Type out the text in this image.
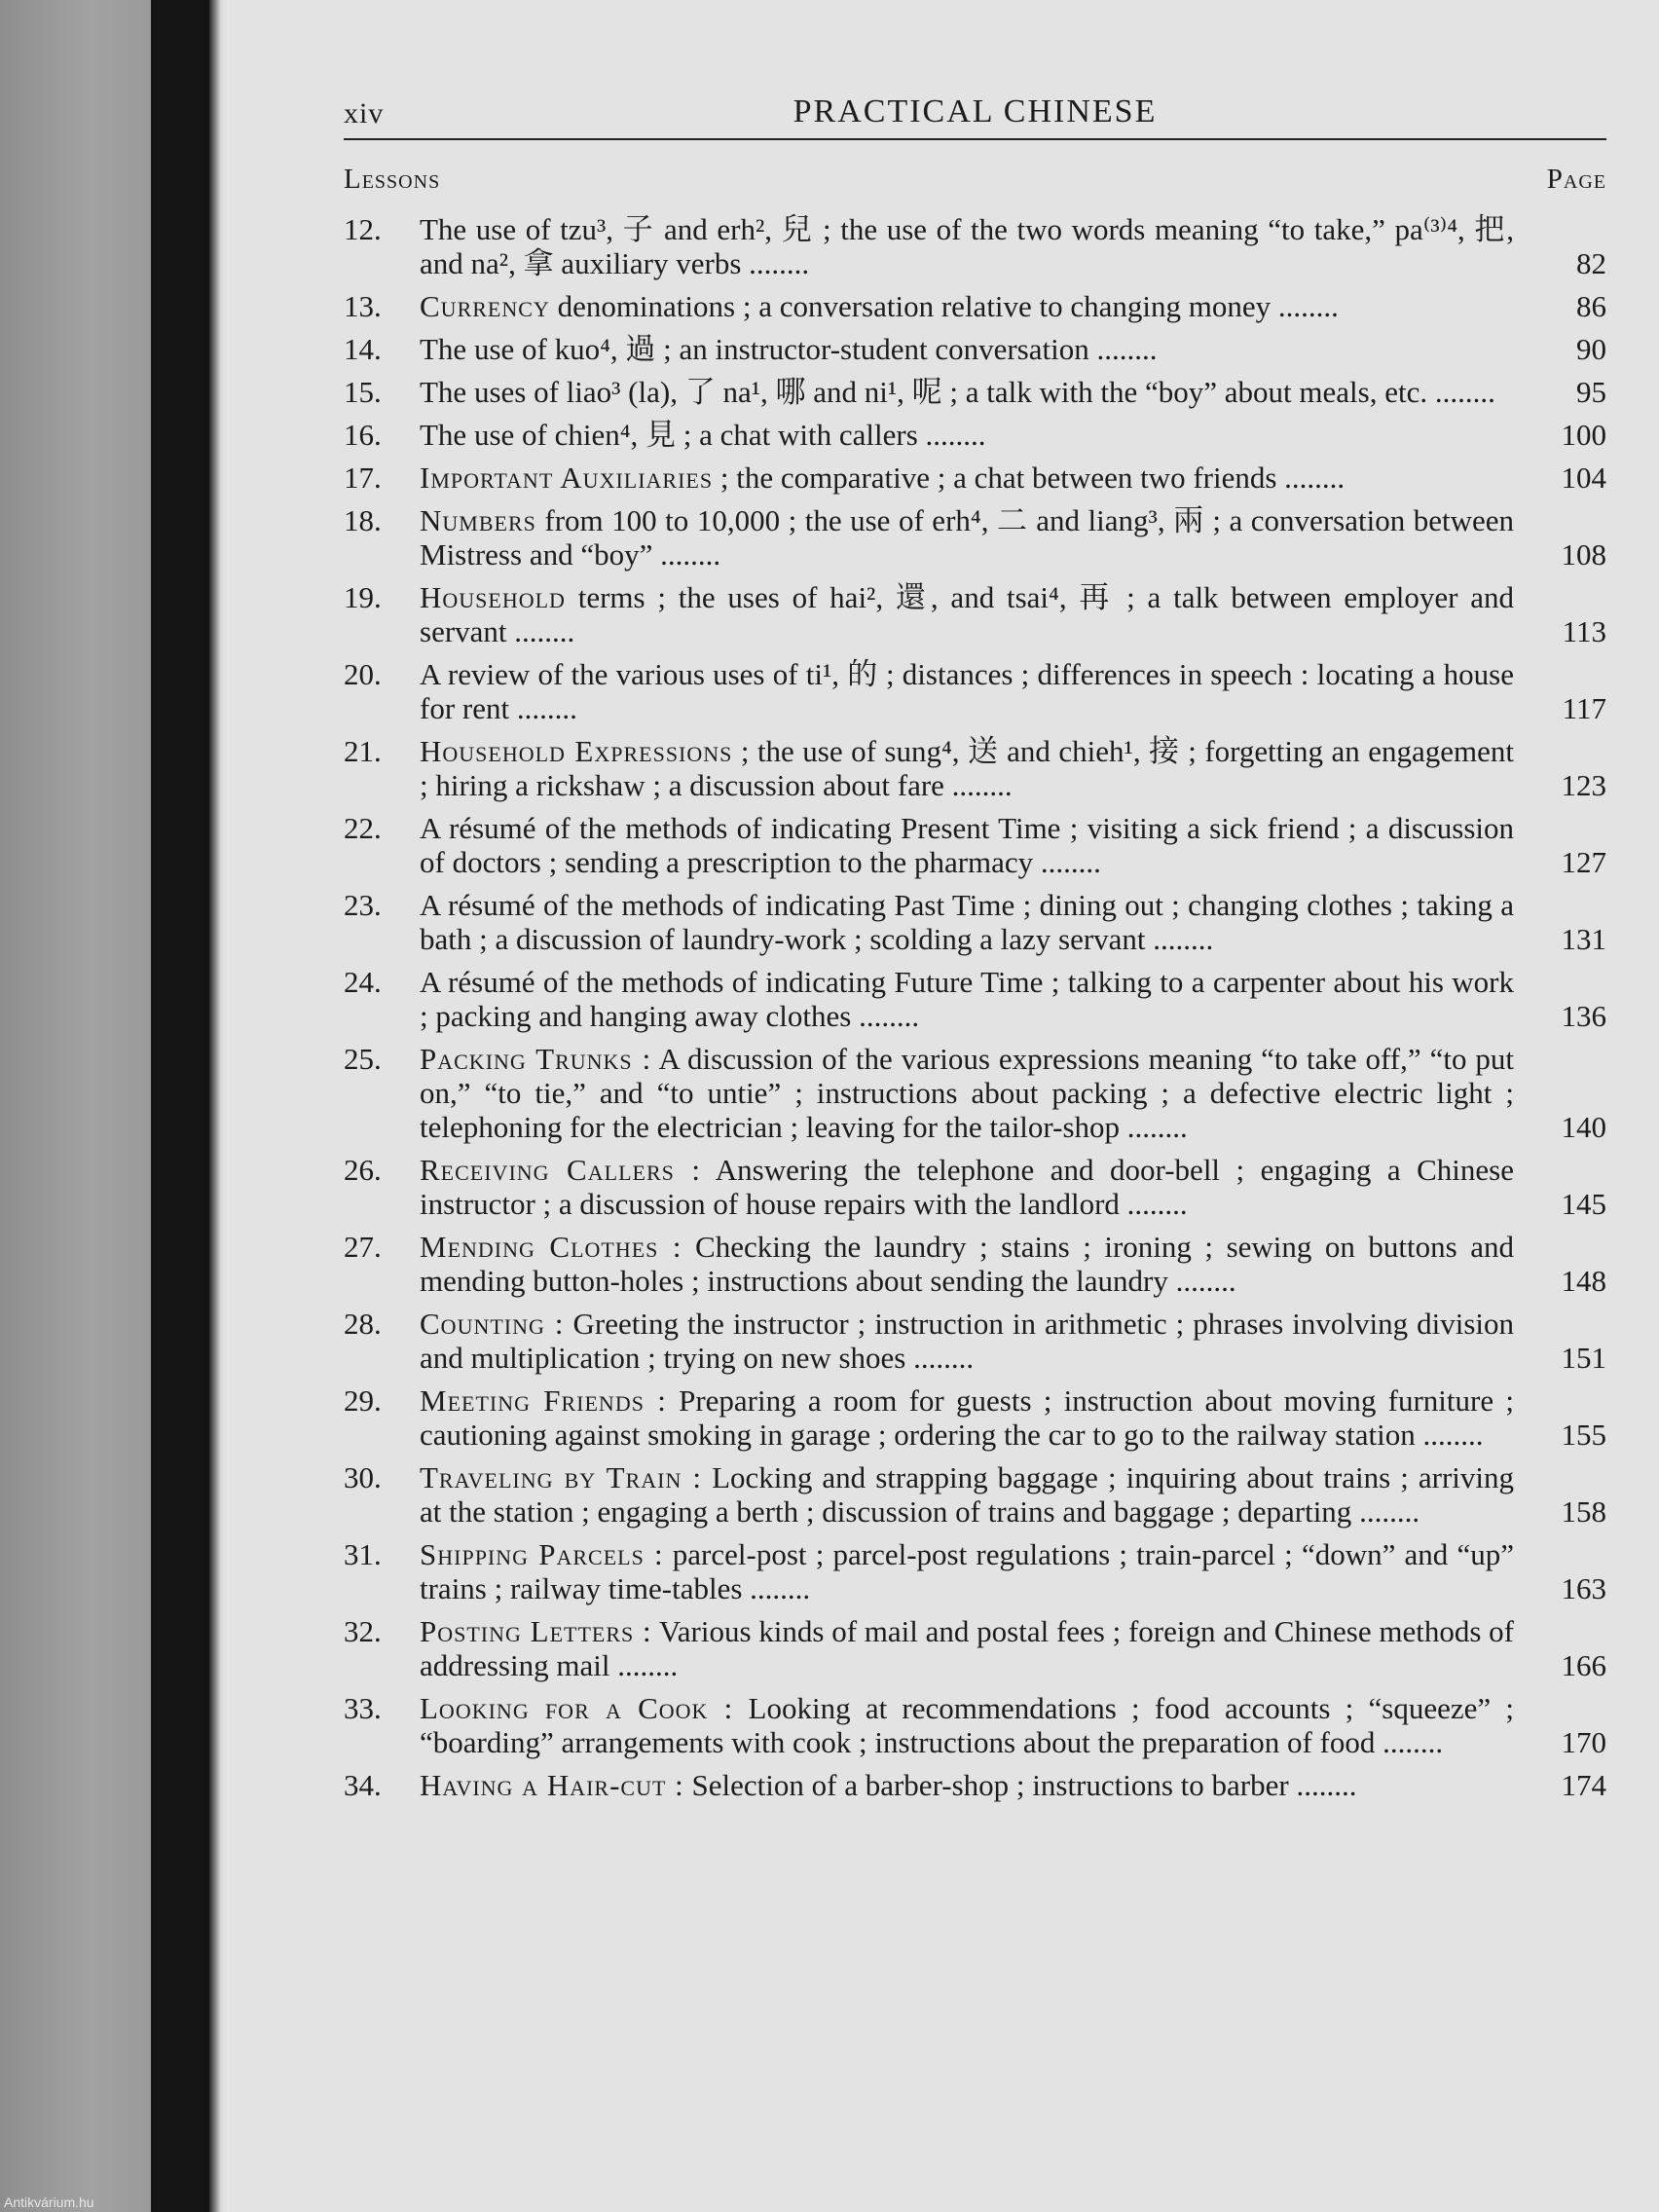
xiv	PRACTICAL CHINESE
Lessons	Page
12.	The use of tzu³, 子 and erh², 兒 ; the use of the two words meaning “to take,” pa⁽³⁾⁴, 把, and na², 拿 auxiliary verbs ........	82
13.	Currency denominations ; a conversation relative to changing money ........	86
14.	The use of kuo⁴, 過 ; an instructor-student conversation ........	90
15.	The uses of liao³ (la), 了 na¹, 哪 and ni¹, 呢 ; a talk with the “boy” about meals, etc. ........	95
16.	The use of chien⁴, 見 ; a chat with callers ........	100
17.	Important Auxiliaries ; the comparative ; a chat between two friends ........	104
18.	Numbers from 100 to 10,000 ; the use of erh⁴, 二 and liang³, 兩 ; a conversation between Mistress and “boy” ........	108
19.	Household terms ; the uses of hai², 還, and tsai⁴, 再 ; a talk between employer and servant ........	113
20.	A review of the various uses of ti¹, 的 ; distances ; differences in speech : locating a house for rent ........	117
21.	Household Expressions ; the use of sung⁴, 送 and chieh¹, 接 ; forgetting an engagement ; hiring a rickshaw ; a discussion about fare ........	123
22.	A résumé of the methods of indicating Present Time ; visiting a sick friend ; a discussion of doctors ; sending a prescription to the pharmacy ........	127
23.	A résumé of the methods of indicating Past Time ; dining out ; changing clothes ; taking a bath ; a discussion of laundry-work ; scolding a lazy servant ........	131
24.	A résumé of the methods of indicating Future Time ; talking to a carpenter about his work ; packing and hanging away clothes ........	136
25.	Packing Trunks : A discussion of the various expressions meaning “to take off,” “to put on,” “to tie,” and “to untie” ; instructions about packing ; a defective electric light ; telephoning for the electrician ; leaving for the tailor-shop ........	140
26.	Receiving Callers : Answering the telephone and door-bell ; engaging a Chinese instructor ; a discussion of house repairs with the landlord ........	145
27.	Mending Clothes : Checking the laundry ; stains ; ironing ; sewing on buttons and mending button-holes ; instructions about sending the laundry ........	148
28.	Counting : Greeting the instructor ; instruction in arithmetic ; phrases involving division and multiplication ; trying on new shoes ........	151
29.	Meeting Friends : Preparing a room for guests ; instruction about moving furniture ; cautioning against smoking in garage ; ordering the car to go to the railway station ........	155
30.	Traveling by Train : Locking and strapping baggage ; inquiring about trains ; arriving at the station ; engaging a berth ; discussion of trains and baggage ; departing ........	158
31.	Shipping Parcels : parcel-post ; parcel-post regulations ; train-parcel ; “down” and “up” trains ; railway time-tables ........	163
32.	Posting Letters : Various kinds of mail and postal fees ; foreign and Chinese methods of addressing mail ........	166
33.	Looking for a Cook : Looking at recommendations ; food accounts ; “squeeze” ; “boarding” arrangements with cook ; instructions about the preparation of food ........	170
34.	Having a Hair-cut : Selection of a barber-shop ; instructions to barber ........	174
Antikvárium.hu
